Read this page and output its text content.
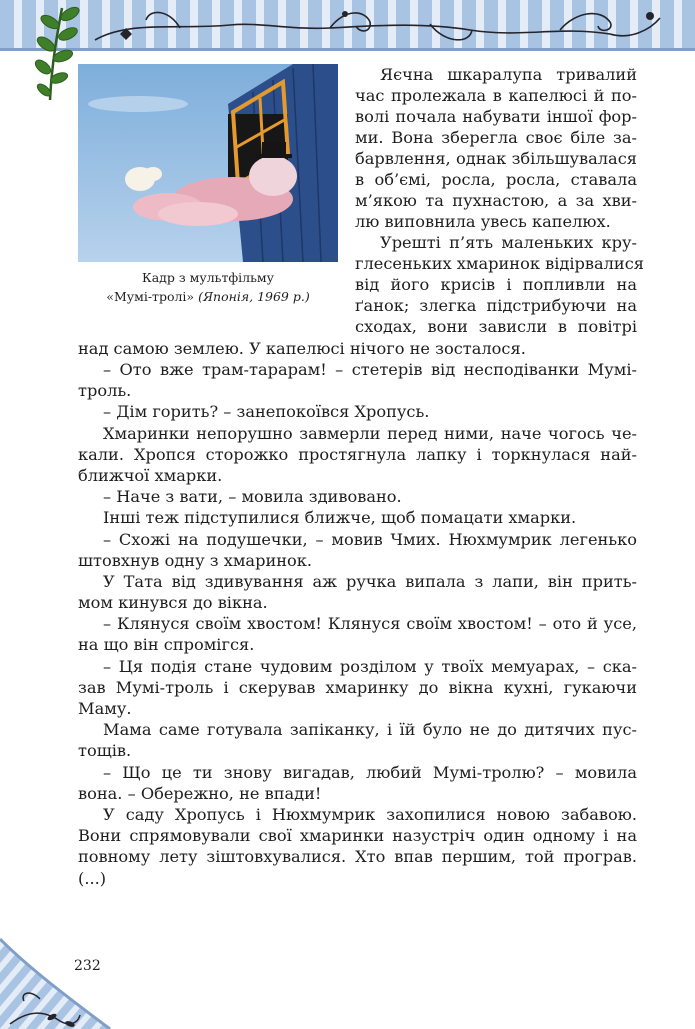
Кадр з мультфільму
«Мумі-тролі» (Японія, 1969 р.)
Яєчна шкаралупа тривалий
час пролежала в капелюсі й по-
волі почала набувати іншої фор-
ми. Вона зберегла своє біле за-
барвлення, однак збільшувалася
в об’ємі, росла, росла, ставала
м’якою та пухнастою, а за хви-
лю виповнила увесь капелюх.
Урешті п’ять маленьких кру-
глесеньких хмаринок відірвалися
від його крисів і попливли на
ґанок; злегка підстрибуючи на
сходах, вони зависли в повітрі
над самою землею. У капелюсі нічого не зосталося.
– Ото вже трам-тарарам! – стетерів від несподіванки Мумі-
троль.
– Дім горить? – занепокоївся Хропусь.
Хмаринки непорушно завмерли перед ними, наче чогось че-
кали. Хропся сторожко простягнула лапку і торкнулася най-
ближчої хмарки.
– Наче з вати, – мовила здивовано.
Інші теж підступилися ближче, щоб помацати хмарки.
– Схожі на подушечки, – мовив Чмих. Нюхмумрик легенько
штовхнув одну з хмаринок.
У Тата від здивування аж ручка випала з лапи, він прить-
мом кинувся до вікна.
– Клянуся своїм хвостом! Клянуся своїм хвостом! – ото й усе,
на що він спромігся.
– Ця подія стане чудовим розділом у твоїх мемуарах, – ска-
зав Мумі-троль і скерував хмаринку до вікна кухні, гукаючи
Маму.
Мама саме готувала запіканку, і їй було не до дитячих пус-
тощів.
– Що це ти знову вигадав, любий Мумі-тролю? – мовила
вона. – Обережно, не впади!
У саду Хропусь і Нюхмумрик захопилися новою забавою.
Вони спрямовували свої хмаринки назустріч один одному і на
повному лету зіштовхувалися. Хто впав першим, той програв.
(...)
232
